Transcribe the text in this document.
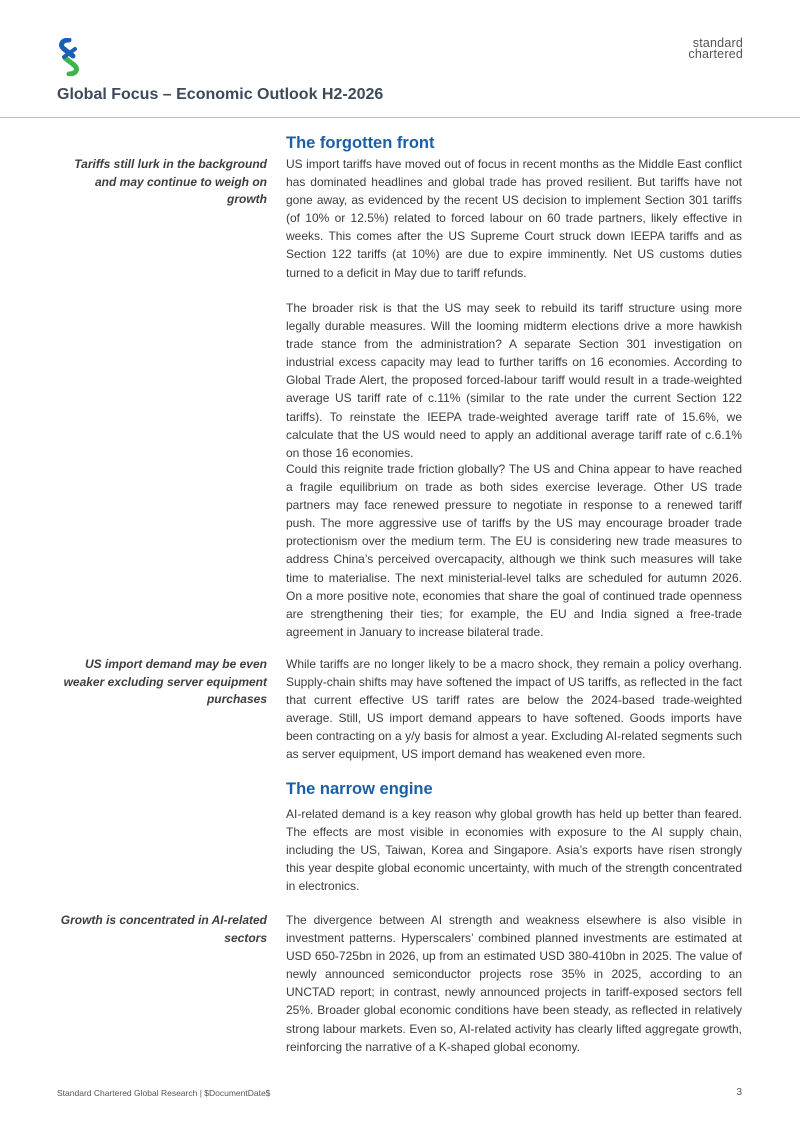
standard
chartered
Global Focus – Economic Outlook H2-2026
The forgotten front
Tariffs still lurk in the background and may continue to weigh on growth
US import tariffs have moved out of focus in recent months as the Middle East conflict has dominated headlines and global trade has proved resilient. But tariffs have not gone away, as evidenced by the recent US decision to implement Section 301 tariffs (of 10% or 12.5%) related to forced labour on 60 trade partners, likely effective in weeks. This comes after the US Supreme Court struck down IEEPA tariffs and as Section 122 tariffs (at 10%) are due to expire imminently. Net US customs duties turned to a deficit in May due to tariff refunds.
The broader risk is that the US may seek to rebuild its tariff structure using more legally durable measures. Will the looming midterm elections drive a more hawkish trade stance from the administration? A separate Section 301 investigation on industrial excess capacity may lead to further tariffs on 16 economies. According to Global Trade Alert, the proposed forced-labour tariff would result in a trade-weighted average US tariff rate of c.11% (similar to the rate under the current Section 122 tariffs). To reinstate the IEEPA trade-weighted average tariff rate of 15.6%, we calculate that the US would need to apply an additional average tariff rate of c.6.1% on those 16 economies.
Could this reignite trade friction globally? The US and China appear to have reached a fragile equilibrium on trade as both sides exercise leverage. Other US trade partners may face renewed pressure to negotiate in response to a renewed tariff push. The more aggressive use of tariffs by the US may encourage broader trade protectionism over the medium term. The EU is considering new trade measures to address China’s perceived overcapacity, although we think such measures will take time to materialise. The next ministerial-level talks are scheduled for autumn 2026. On a more positive note, economies that share the goal of continued trade openness are strengthening their ties; for example, the EU and India signed a free-trade agreement in January to increase bilateral trade.
US import demand may be even weaker excluding server equipment purchases
While tariffs are no longer likely to be a macro shock, they remain a policy overhang. Supply-chain shifts may have softened the impact of US tariffs, as reflected in the fact that current effective US tariff rates are below the 2024-based trade-weighted average. Still, US import demand appears to have softened. Goods imports have been contracting on a y/y basis for almost a year. Excluding AI-related segments such as server equipment, US import demand has weakened even more.
The narrow engine
AI-related demand is a key reason why global growth has held up better than feared. The effects are most visible in economies with exposure to the AI supply chain, including the US, Taiwan, Korea and Singapore. Asia’s exports have risen strongly this year despite global economic uncertainty, with much of the strength concentrated in electronics.
Growth is concentrated in AI-related sectors
The divergence between AI strength and weakness elsewhere is also visible in investment patterns. Hyperscalers’ combined planned investments are estimated at USD 650-725bn in 2026, up from an estimated USD 380-410bn in 2025. The value of newly announced semiconductor projects rose 35% in 2025, according to an UNCTAD report; in contrast, newly announced projects in tariff-exposed sectors fell 25%. Broader global economic conditions have been steady, as reflected in relatively strong labour markets. Even so, AI-related activity has clearly lifted aggregate growth, reinforcing the narrative of a K-shaped global economy.
Standard Chartered Global Research | $DocumentDate$	3
